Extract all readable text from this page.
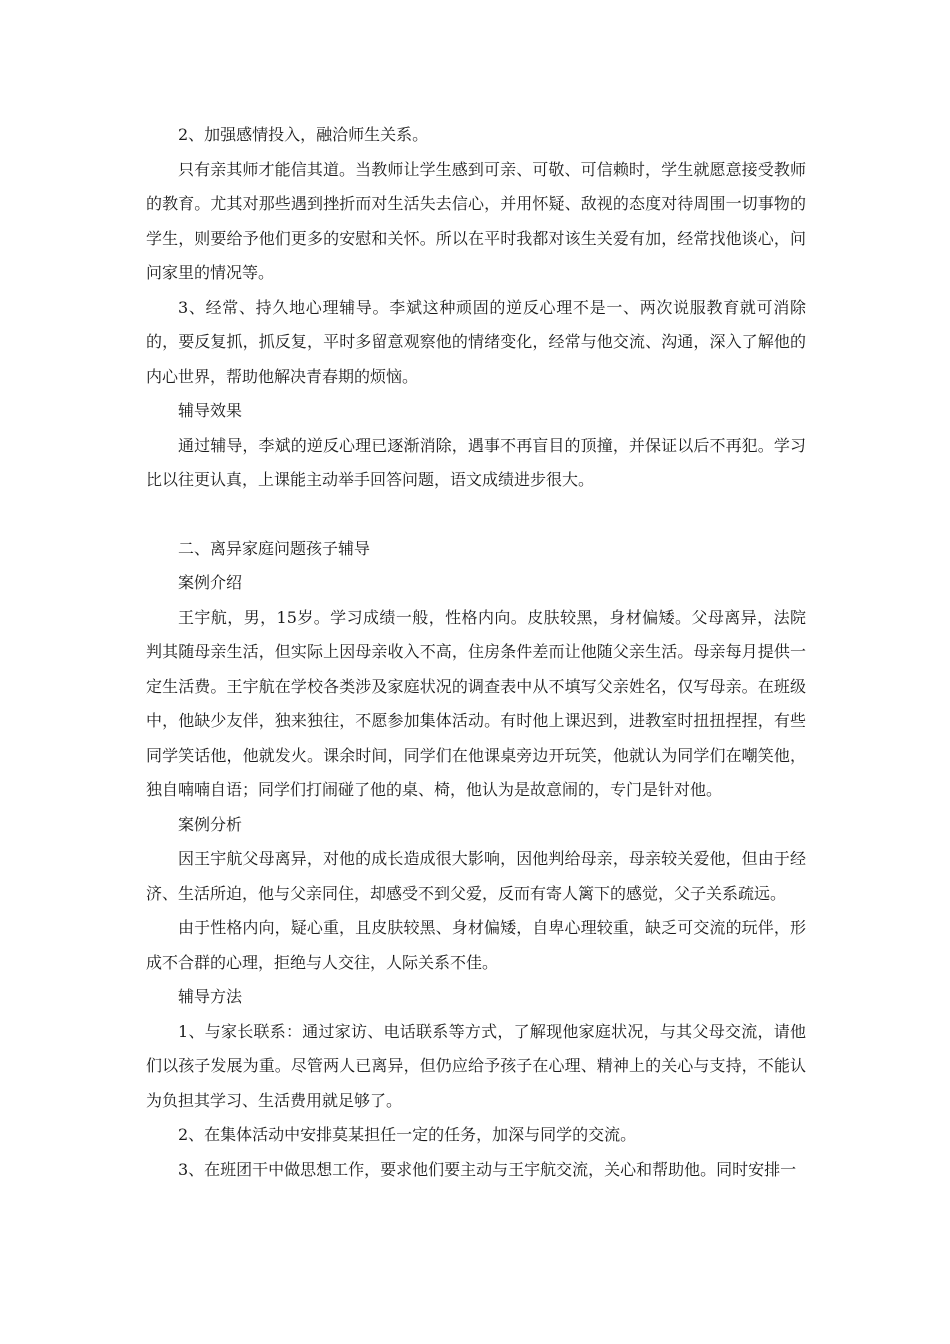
2、加强感情投入，融洽师生关系。

只有亲其师才能信其道。当教师让学生感到可亲、可敬、可信赖时，学生就愿意接受教师的教育。尤其对那些遇到挫折而对生活失去信心，并用怀疑、敌视的态度对待周围一切事物的学生，则要给予他们更多的安慰和关怀。所以在平时我都对该生关爱有加，经常找他谈心，问问家里的情况等。

3、经常、持久地心理辅导。李斌这种顽固的逆反心理不是一、两次说服教育就可消除的，要反复抓，抓反复，平时多留意观察他的情绪变化，经常与他交流、沟通，深入了解他的内心世界，帮助他解决青春期的烦恼。

辅导效果

通过辅导，李斌的逆反心理已逐渐消除，遇事不再盲目的顶撞，并保证以后不再犯。学习比以往更认真，上课能主动举手回答问题，语文成绩进步很大。

二、离异家庭问题孩子辅导

案例介绍

王宇航，男，15岁。学习成绩一般，性格内向。皮肤较黑，身材偏矮。父母离异，法院判其随母亲生活，但实际上因母亲收入不高，住房条件差而让他随父亲生活。母亲每月提供一定生活费。王宇航在学校各类涉及家庭状况的调查表中从不填写父亲姓名，仅写母亲。在班级中，他缺少友伴，独来独往，不愿参加集体活动。有时他上课迟到，进教室时扭扭捏捏，有些同学笑话他，他就发火。课余时间，同学们在他课桌旁边开玩笑，他就认为同学们在嘲笑他，独自喃喃自语；同学们打闹碰了他的桌、椅，他认为是故意闹的，专门是针对他。

案例分析

因王宇航父母离异，对他的成长造成很大影响，因他判给母亲，母亲较关爱他，但由于经济、生活所迫，他与父亲同住，却感受不到父爱，反而有寄人篱下的感觉，父子关系疏远。

由于性格内向，疑心重，且皮肤较黑、身材偏矮，自卑心理较重，缺乏可交流的玩伴，形成不合群的心理，拒绝与人交往，人际关系不佳。

辅导方法

1、与家长联系：通过家访、电话联系等方式，了解现他家庭状况，与其父母交流，请他们以孩子发展为重。尽管两人已离异，但仍应给予孩子在心理、精神上的关心与支持，不能认为负担其学习、生活费用就足够了。

2、在集体活动中安排莫某担任一定的任务，加深与同学的交流。

3、在班团干中做思想工作，要求他们要主动与王宇航交流，关心和帮助他。同时安排一
